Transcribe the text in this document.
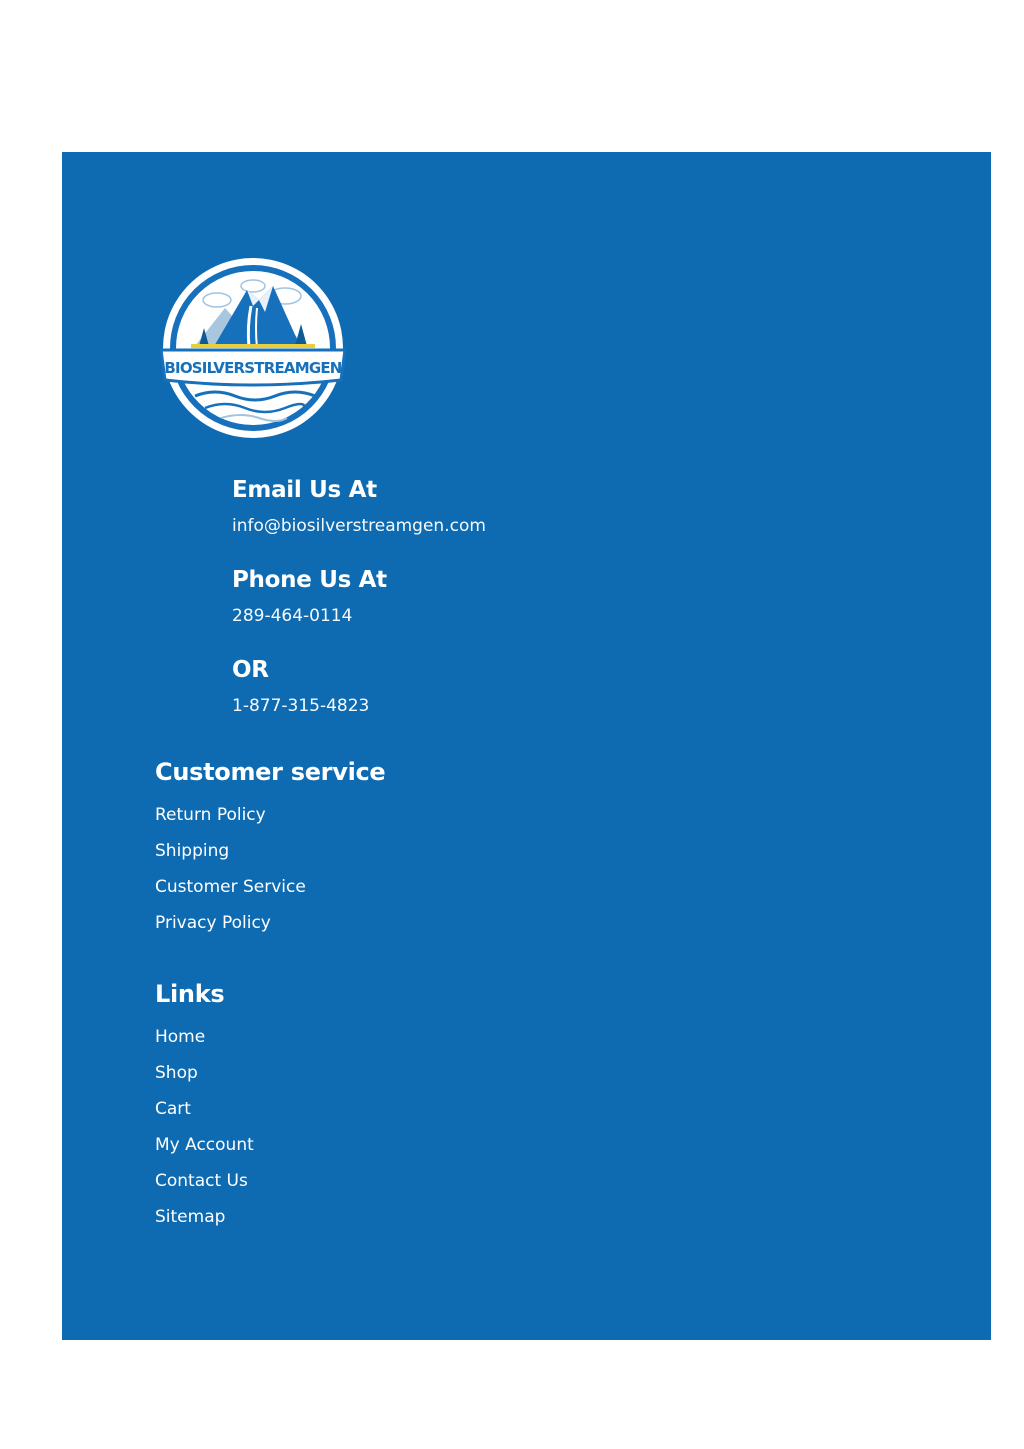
BIOSILVERSTREAMGEN
Email Us At

info@biosilverstreamgen.com

Phone Us At

289-464-0114

OR

1-877-315-4823

Customer service
Return Policy
Shipping
Customer Service
Privacy Policy
Links
Home
Shop
Cart
My Account
Contact Us
Sitemap
